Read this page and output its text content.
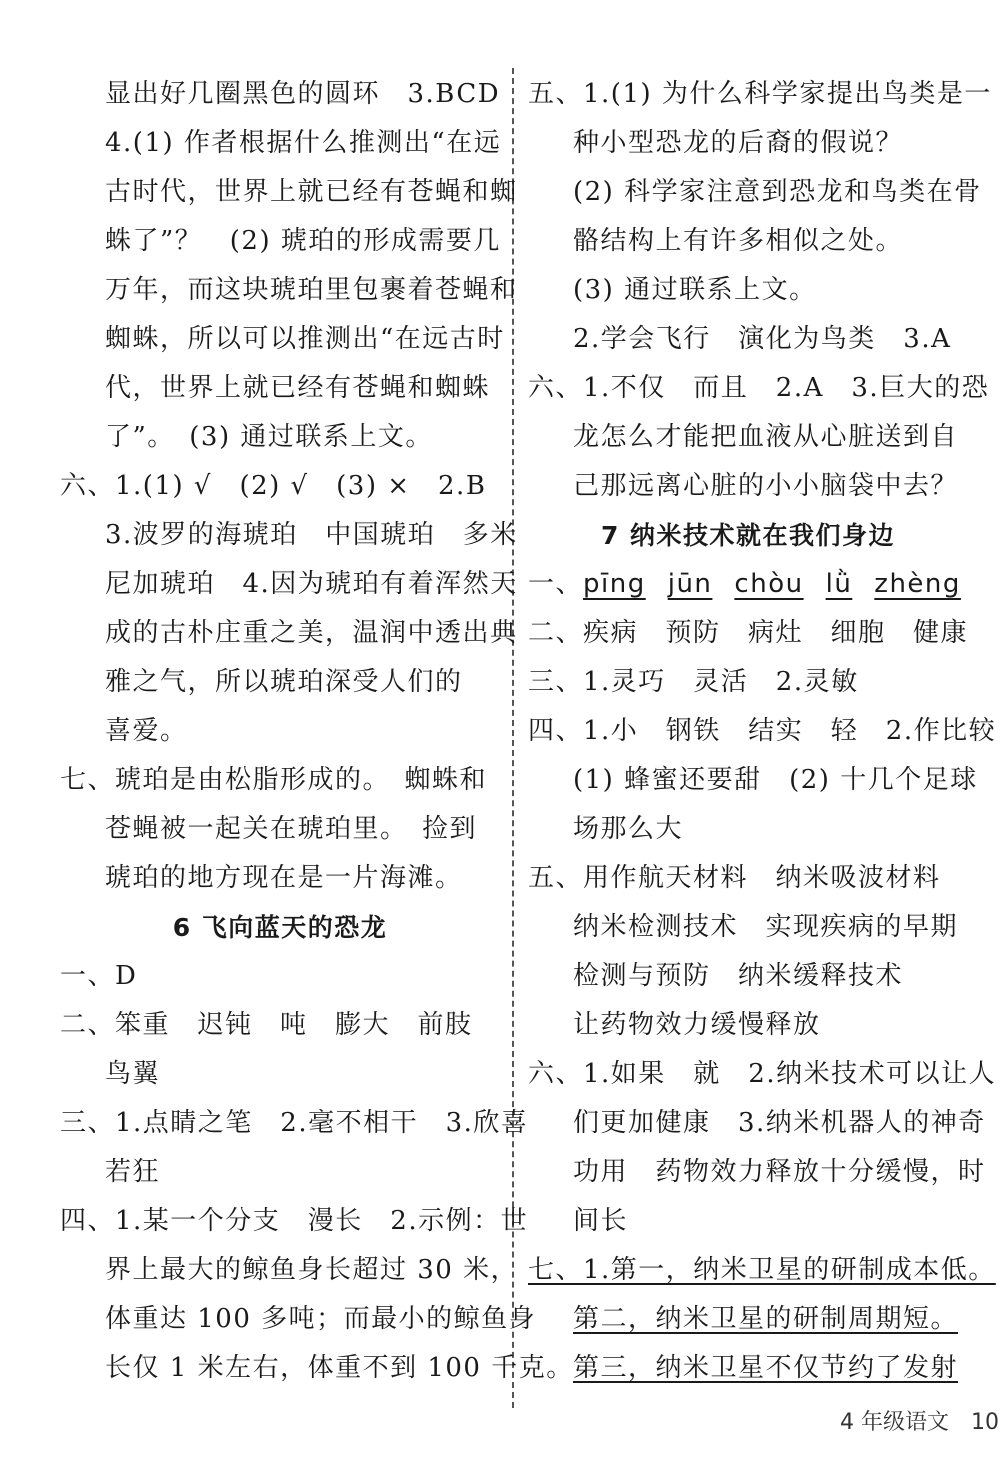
显出好几圈黑色的圆环　3.BCD
4.(1) 作者根据什么推测出“在远
古时代，世界上就已经有苍蝇和蜘
蛛了”？　(2) 琥珀的形成需要几
万年，而这块琥珀里包裹着苍蝇和
蜘蛛，所以可以推测出“在远古时
代，世界上就已经有苍蝇和蜘蛛
了”。　(3) 通过联系上文。
六、1.(1) √　(2) √　(3) ×　2.B
3.波罗的海琥珀　中国琥珀　多米
尼加琥珀　4.因为琥珀有着浑然天
成的古朴庄重之美，温润中透出典
雅之气，所以琥珀深受人们的
喜爱。
七、琥珀是由松脂形成的。　蜘蛛和
苍蝇被一起关在琥珀里。　捡到
琥珀的地方现在是一片海滩。
6 飞向蓝天的恐龙
一、D
二、笨重　迟钝　吨　膨大　前肢
鸟翼
三、1.点睛之笔　2.毫不相干　3.欣喜
若狂
四、1.某一个分支　漫长　2.示例：世
界上最大的鲸鱼身长超过 30 米，
体重达 100 多吨；而最小的鲸鱼身
长仅 1 米左右，体重不到 100 千克。
五、1.(1) 为什么科学家提出鸟类是一
种小型恐龙的后裔的假说？
(2) 科学家注意到恐龙和鸟类在骨
骼结构上有许多相似之处。
(3) 通过联系上文。
2.学会飞行　演化为鸟类　3.A
六、1.不仅　而且　2.A　3.巨大的恐
龙怎么才能把血液从心脏送到自
己那远离心脏的小小脑袋中去？
7 纳米技术就在我们身边
一、pīng jūn chòu lǜ zhèng
二、疾病　预防　病灶　细胞　健康
三、1.灵巧　灵活　2.灵敏
四、1.小　钢铁　结实　轻　2.作比较
(1) 蜂蜜还要甜　(2) 十几个足球
场那么大
五、用作航天材料　纳米吸波材料
纳米检测技术　实现疾病的早期
检测与预防　纳米缓释技术
让药物效力缓慢释放
六、1.如果　就　2.纳米技术可以让人
们更加健康　3.纳米机器人的神奇
功用　药物效力释放十分缓慢，时
间长
七、1.第一，纳米卫星的研制成本低。
第二，纳米卫星的研制周期短。
第三，纳米卫星不仅节约了发射
4 年级语文　10
